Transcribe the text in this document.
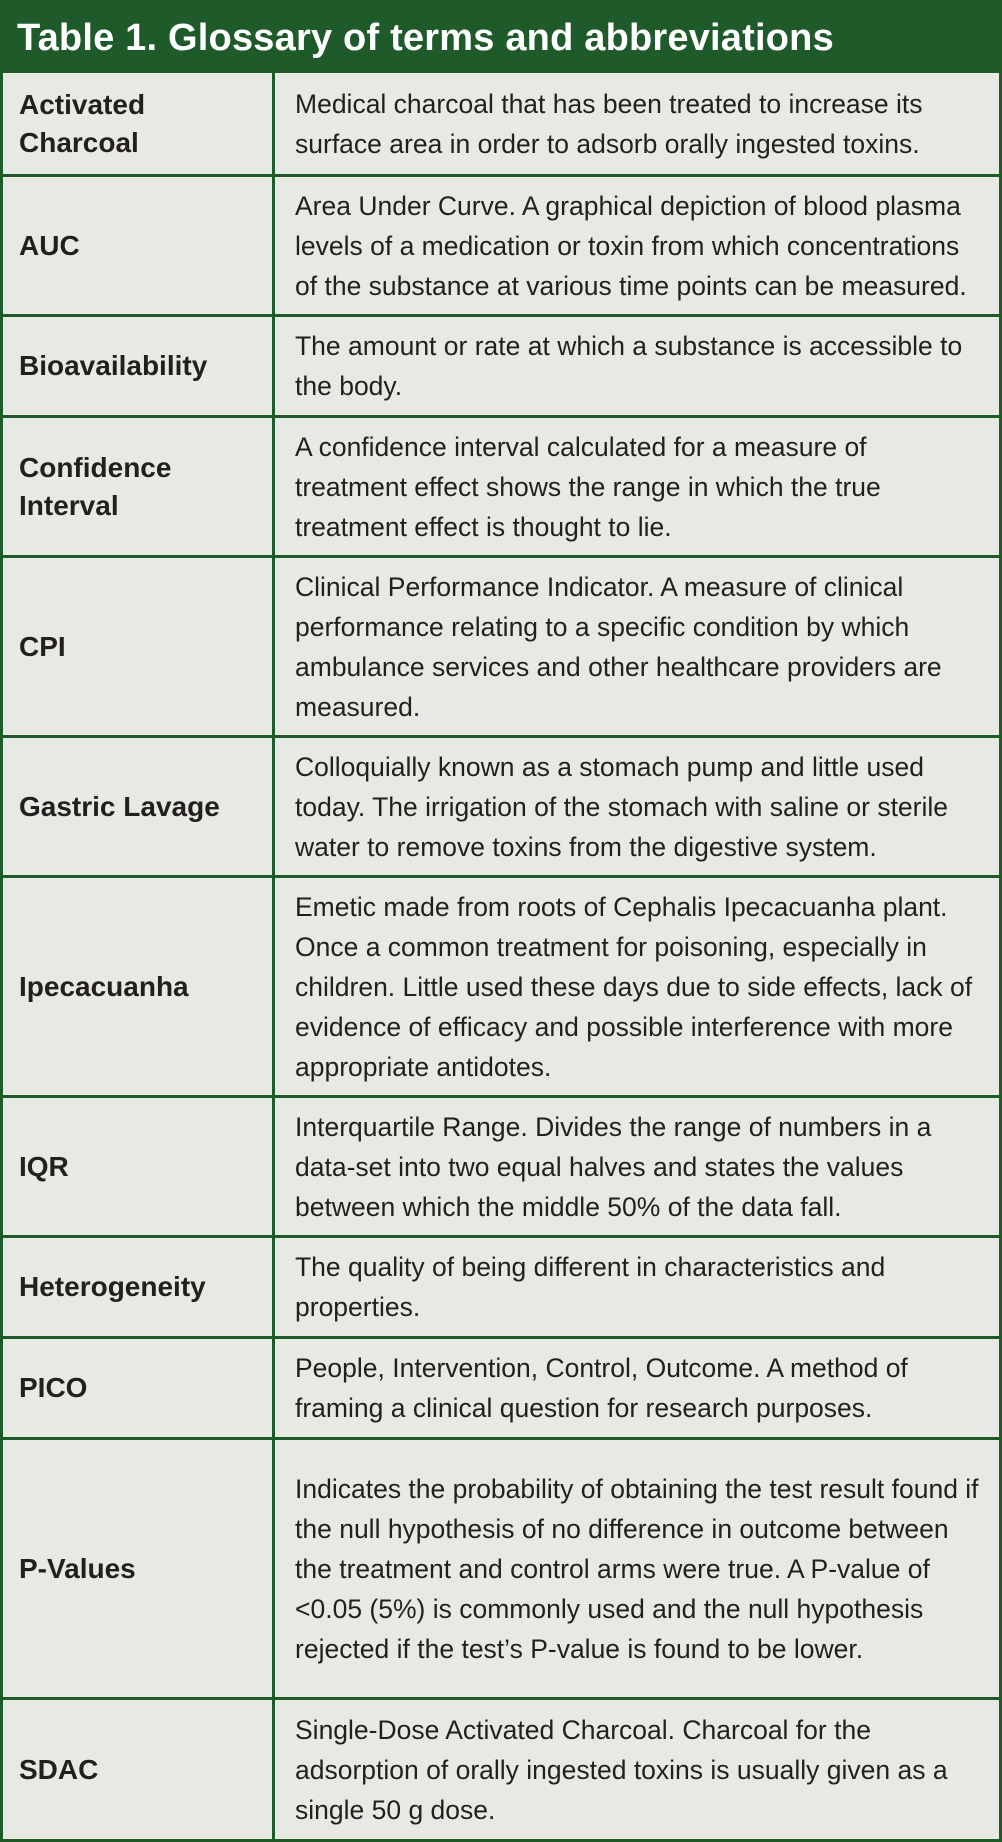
Table 1. Glossary of terms and abbreviations
Activated Charcoal
Medical charcoal that has been treated to increase its surface area in order to adsorb orally ingested toxins.
AUC
Area Under Curve. A graphical depiction of blood plasma levels of a medication or toxin from which concentrations of the substance at various time points can be measured.
Bioavailability
The amount or rate at which a substance is accessible to the body.
Confidence Interval
A confidence interval calculated for a measure of treatment effect shows the range in which the true treatment effect is thought to lie.
CPI
Clinical Performance Indicator. A measure of clinical performance relating to a specific condition by which ambulance services and other healthcare providers are measured.
Gastric Lavage
Colloquially known as a stomach pump and little used today. The irrigation of the stomach with saline or sterile water to remove toxins from the digestive system.
Ipecacuanha
Emetic made from roots of Cephalis Ipecacuanha plant. Once a common treatment for poisoning, especially in children. Little used these days due to side effects, lack of evidence of efficacy and possible interference with more appropriate antidotes.
IQR
Interquartile Range. Divides the range of numbers in a data-set into two equal halves and states the values between which the middle 50% of the data fall.
Heterogeneity
The quality of being different in characteristics and properties.
PICO
People, Intervention, Control, Outcome. A method of framing a clinical question for research purposes.
P-Values
Indicates the probability of obtaining the test result found if the null hypothesis of no difference in outcome between the treatment and control arms were true. A P-value of <0.05 (5%) is commonly used and the null hypothesis rejected if the test’s P-value is found to be lower.
SDAC
Single-Dose Activated Charcoal. Charcoal for the adsorption of orally ingested toxins is usually given as a single 50 g dose.
